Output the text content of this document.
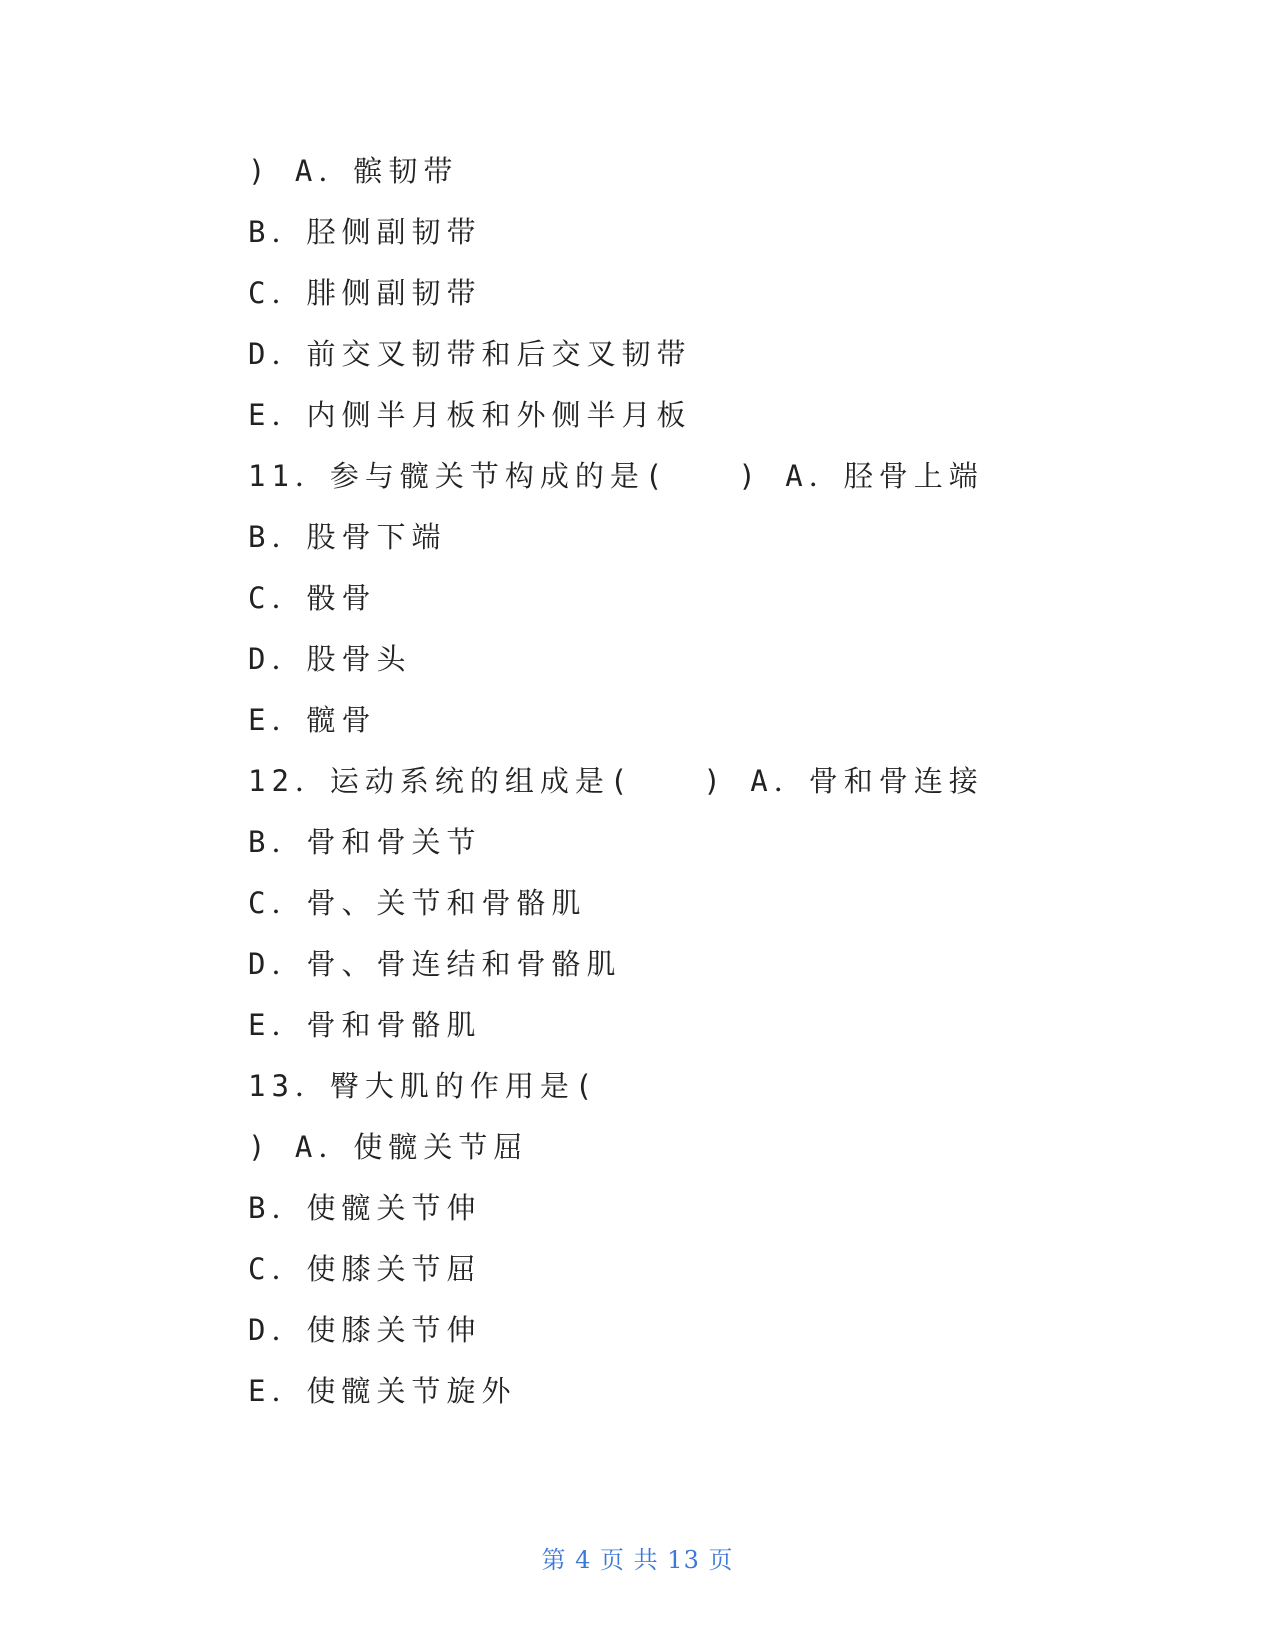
) A．髌韧带
B．胫侧副韧带
C．腓侧副韧带
D．前交叉韧带和后交叉韧带
E．内侧半月板和外侧半月板
11．参与髋关节构成的是(　　) A．胫骨上端
B．股骨下端
C．骰骨
D．股骨头
E．髋骨
12．运动系统的组成是(　　) A．骨和骨连接
B．骨和骨关节
C．骨、关节和骨骼肌
D．骨、骨连结和骨骼肌
E．骨和骨骼肌
13．臀大肌的作用是(
) A．使髋关节屈
B．使髋关节伸
C．使膝关节屈
D．使膝关节伸
E．使髋关节旋外
第 4 页 共 13 页
